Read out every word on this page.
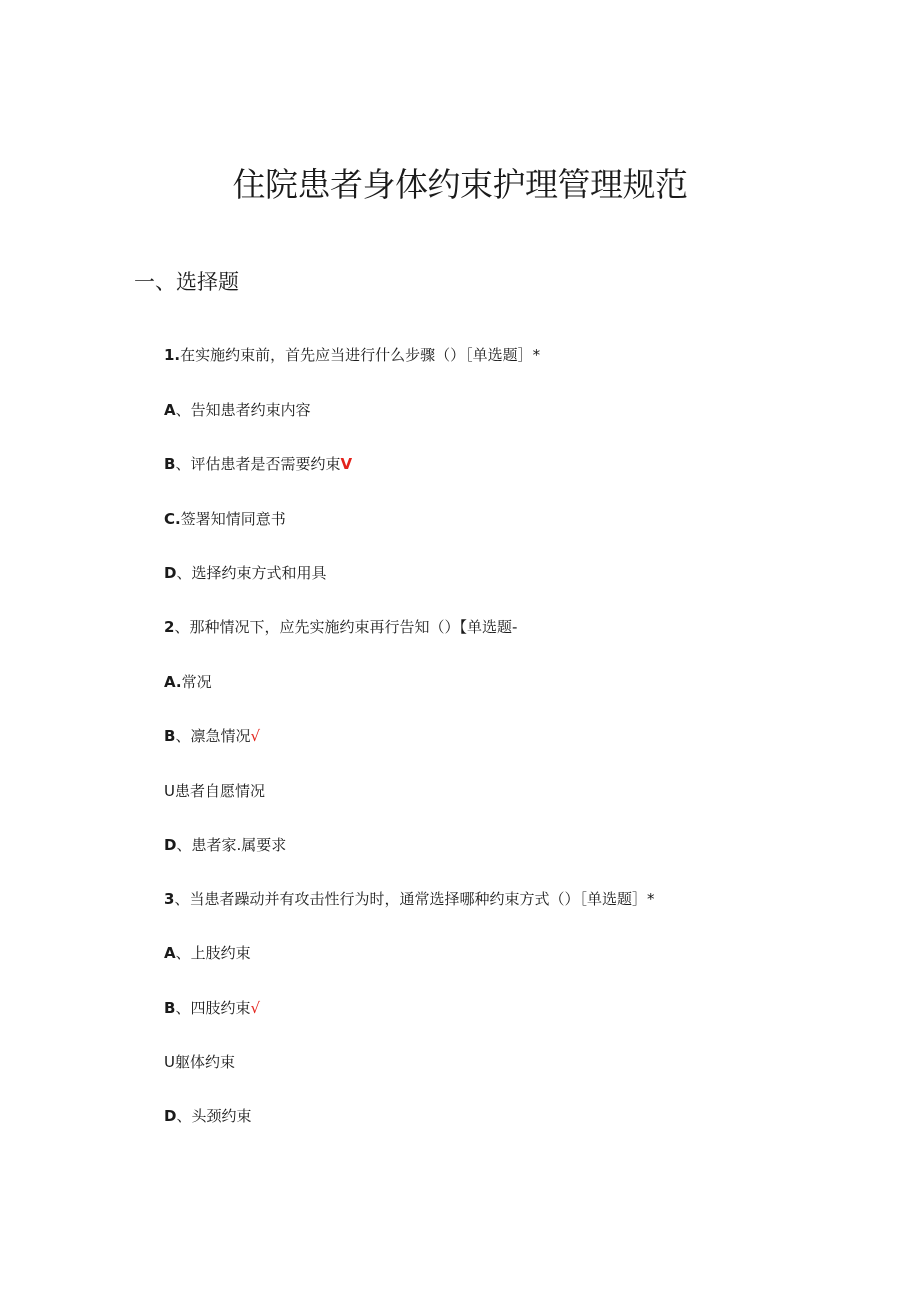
住院患者身体约束护理管理规范
一、选择题
1.在实施约束前，首先应当进行什么步骤（）［单选题］*
A、告知患者约束内容
B、评估患者是否需要约束V
C.签署知情同意书
D、选择约束方式和用具
2、那种情况下，应先实施约束再行告知（）【单选题-
A.常况
B、凛急情况√
U患者自愿情况
D、患者家.属要求
3、当患者躁动并有攻击性行为时，通常选择哪种约束方式（）［单选题］*
A、上肢约束
B、四肢约束√
U躯体约束
D、头颈约束
